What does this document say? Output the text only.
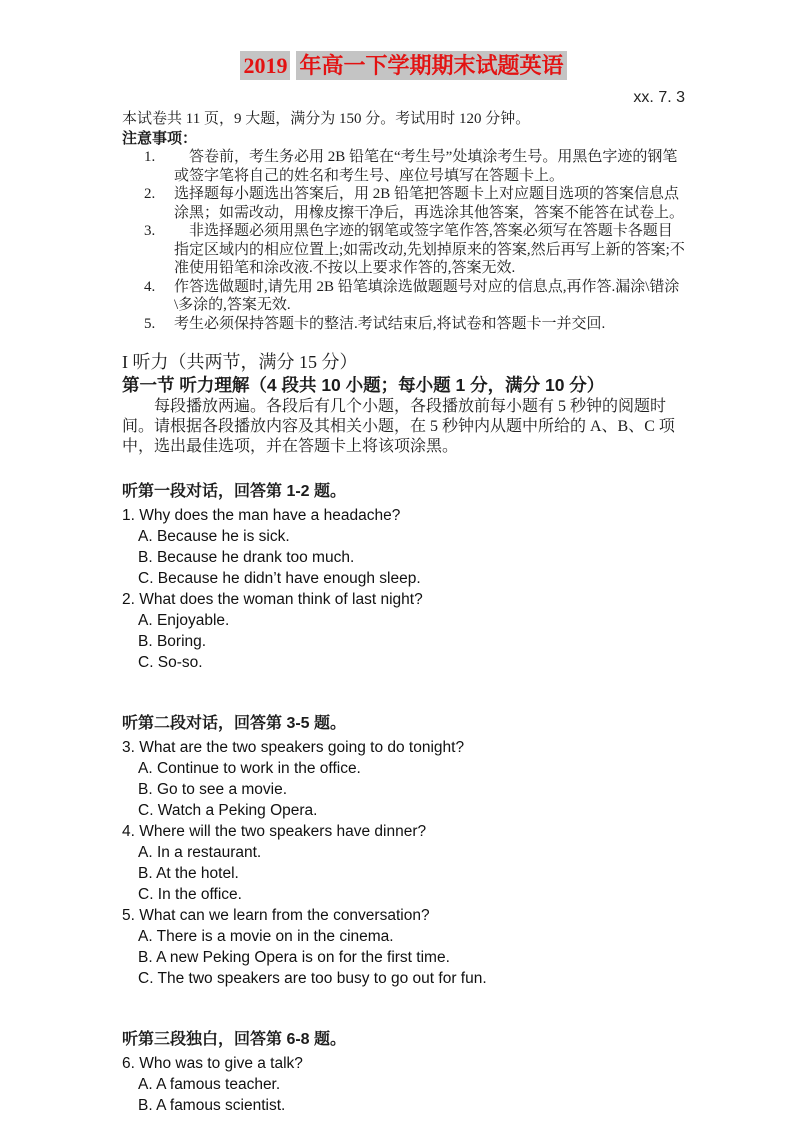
2019 年高一下学期期末试题英语
xx. 7. 3
本试卷共 11 页，9 大题，满分为 150 分。考试用时 120 分钟。
注意事项：
1.	 答卷前，考生务必用 2B 铅笔在“考生号”处填涂考生号。用黑色字迹的钢笔或签字笔将自己的姓名和考生号、座位号填写在答题卡上。
2.	选择题每小题选出答案后，用 2B 铅笔把答题卡上对应题目选项的答案信息点涂黑；如需改动，用橡皮擦干净后，再选涂其他答案，答案不能答在试卷上。
3.	 非选择题必须用黑色字迹的钢笔或签字笔作答,答案必须写在答题卡各题目指定区域内的相应位置上;如需改动,先划掉原来的答案,然后再写上新的答案;不准使用铅笔和涂改液.不按以上要求作答的,答案无效.
4.	作答选做题时,请先用 2B 铅笔填涂选做题题号对应的信息点,再作答.漏涂\错涂\多涂的,答案无效.
5.	考生必须保持答题卡的整洁.考试结束后,将试卷和答题卡一并交回.
I 听力（共两节，满分 15 分）
第一节 听力理解（4 段共 10 小题；每小题 1 分，满分 10 分）

每段播放两遍。各段后有几个小题，各段播放前每小题有 5 秒钟的阅题时间。请根据各段播放内容及其相关小题，在 5 秒钟内从题中所给的 A、B、C 项中，选出最佳选项，并在答题卡上将该项涂黑。

听第一段对话，回答第 1-2 题。
1. Why does the man have a headache?
A. Because he is sick.
B. Because he drank too much.
C. Because he didn’t have enough sleep.
2. What does the woman think of last night?
A. Enjoyable.
B. Boring.
C. So-so.
听第二段对话，回答第 3-5 题。
3. What are the two speakers going to do tonight?
A. Continue to work in the office.
B. Go to see a movie.
C. Watch a Peking Opera.
4. Where will the two speakers have dinner?
A. In a restaurant.
B. At the hotel.
C. In the office.
5. What can we learn from the conversation?
A. There is a movie on in the cinema.
B. A new Peking Opera is on for the first time.
C. The two speakers are too busy to go out for fun.
听第三段独白，回答第 6-8 题。
6. Who was to give a talk?
A. A famous teacher.
B. A famous scientist.
